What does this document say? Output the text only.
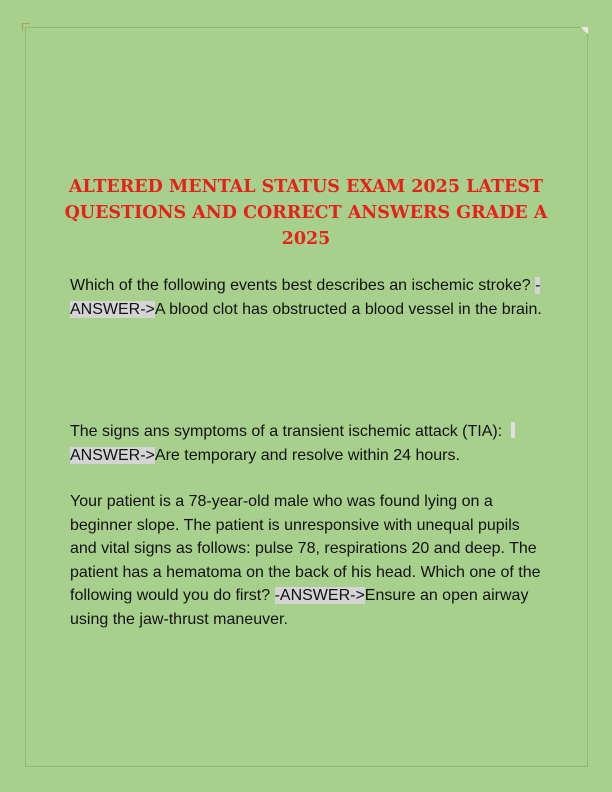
ALTERED MENTAL STATUS EXAM 2025 LATEST QUESTIONS AND CORRECT ANSWERS GRADE A 2025

Which of the following events best describes an ischemic stroke? -ANSWER->A blood clot has obstructed a blood vessel in the brain.

The signs ans symptoms of a transient ischemic attack (TIA):
ANSWER->Are temporary and resolve within 24 hours.

Your patient is a 78-year-old male who was found lying on a beginner slope. The patient is unresponsive with unequal pupils and vital signs as follows: pulse 78, respirations 20 and deep. The patient has a hematoma on the back of his head. Which one of the following would you do first? -ANSWER->Ensure an open airway using the jaw-thrust maneuver.
